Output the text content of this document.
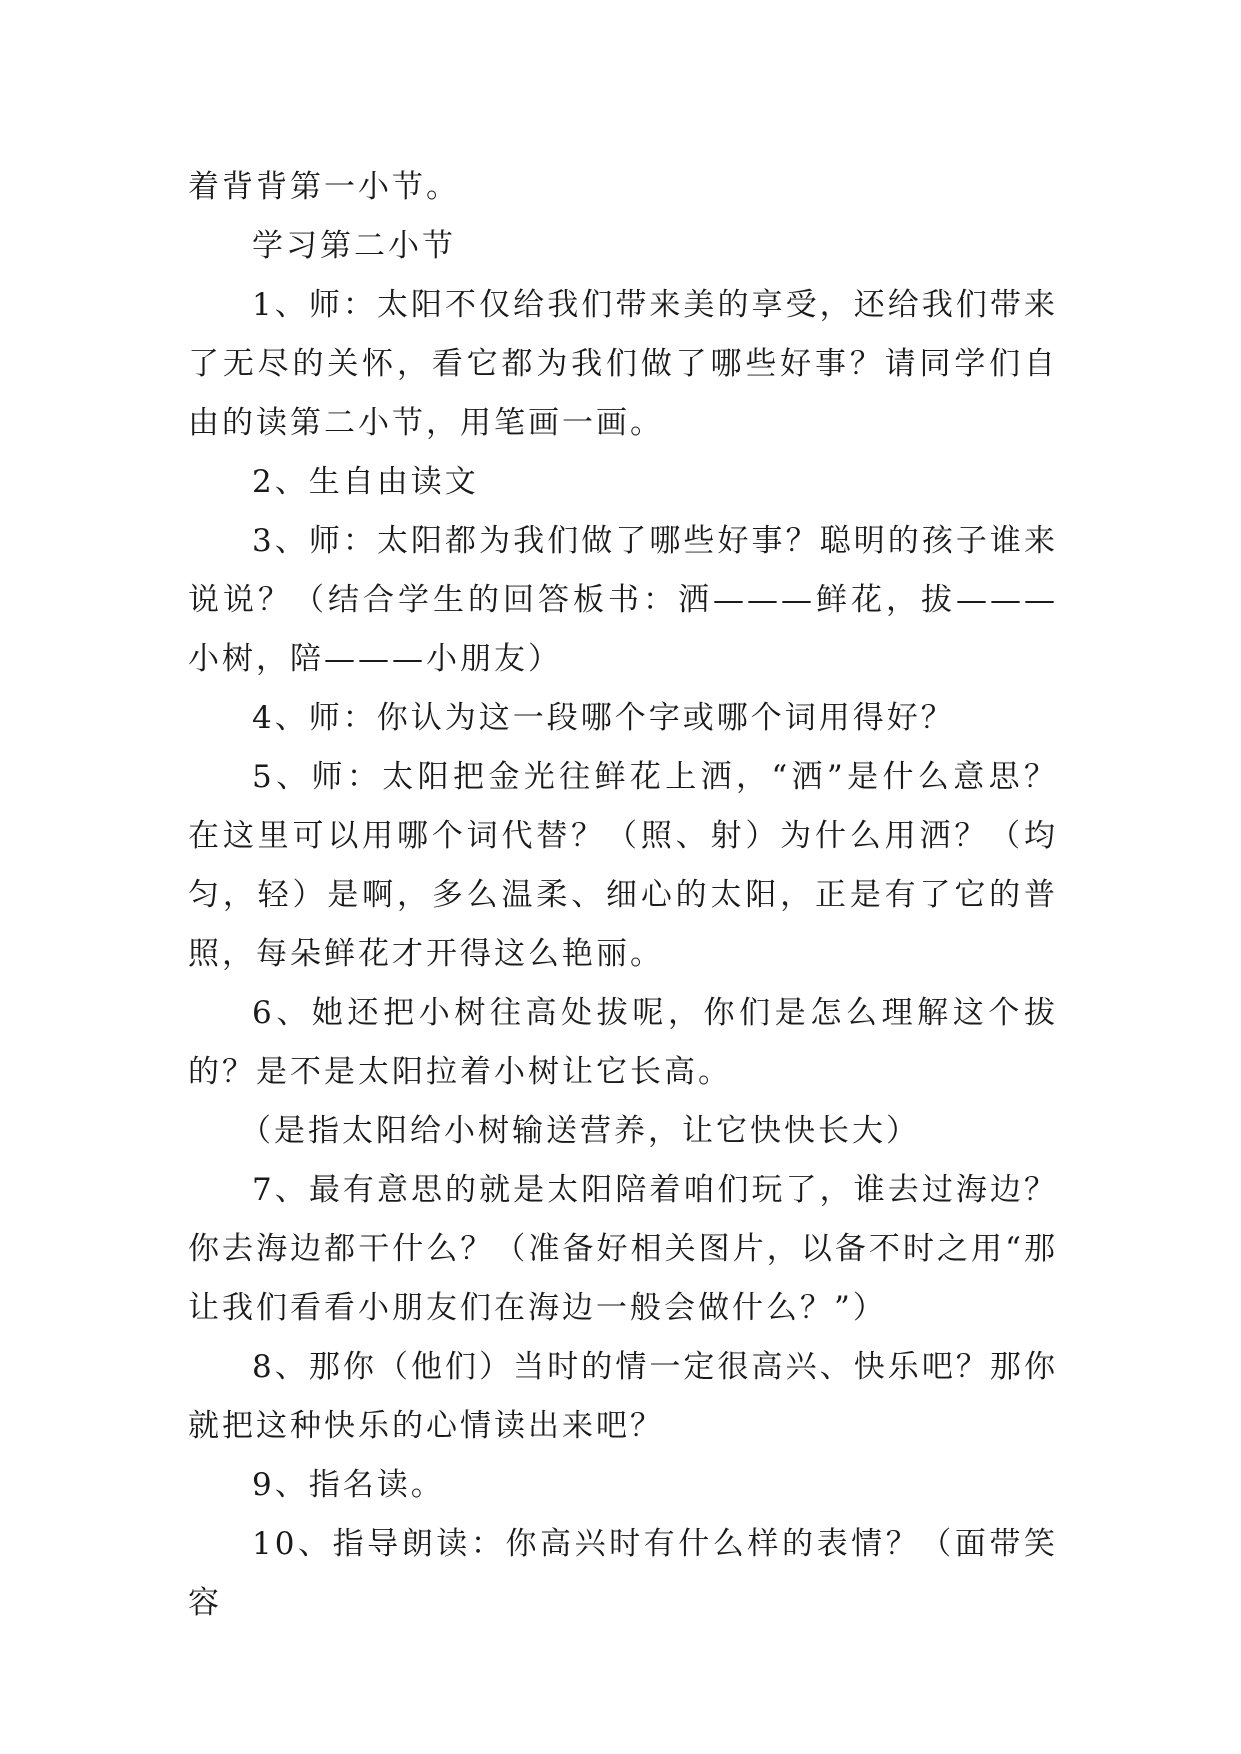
着背背第一小节。

学习第二小节

1、师：太阳不仅给我们带来美的享受，还给我们带来了无尽的关怀，看它都为我们做了哪些好事？请同学们自由的读第二小节，用笔画一画。

2、生自由读文

3、师：太阳都为我们做了哪些好事？聪明的孩子谁来说说？（结合学生的回答板书：洒———鲜花，拔———小树，陪———小朋友）

4、师：你认为这一段哪个字或哪个词用得好？

5、师：太阳把金光往鲜花上洒，“洒”是什么意思？在这里可以用哪个词代替？（照、射）为什么用洒？（均匀，轻）是啊，多么温柔、细心的太阳，正是有了它的普照，每朵鲜花才开得这么艳丽。

6、她还把小树往高处拔呢，你们是怎么理解这个拔的？是不是太阳拉着小树让它长高。

（是指太阳给小树输送营养，让它快快长大）

7、最有意思的就是太阳陪着咱们玩了，谁去过海边？你去海边都干什么？（准备好相关图片，以备不时之用“那让我们看看小朋友们在海边一般会做什么？”）

8、那你（他们）当时的情一定很高兴、快乐吧？那你就把这种快乐的心情读出来吧？

9、指名读。

10、指导朗读：你高兴时有什么样的表情？（面带笑容
